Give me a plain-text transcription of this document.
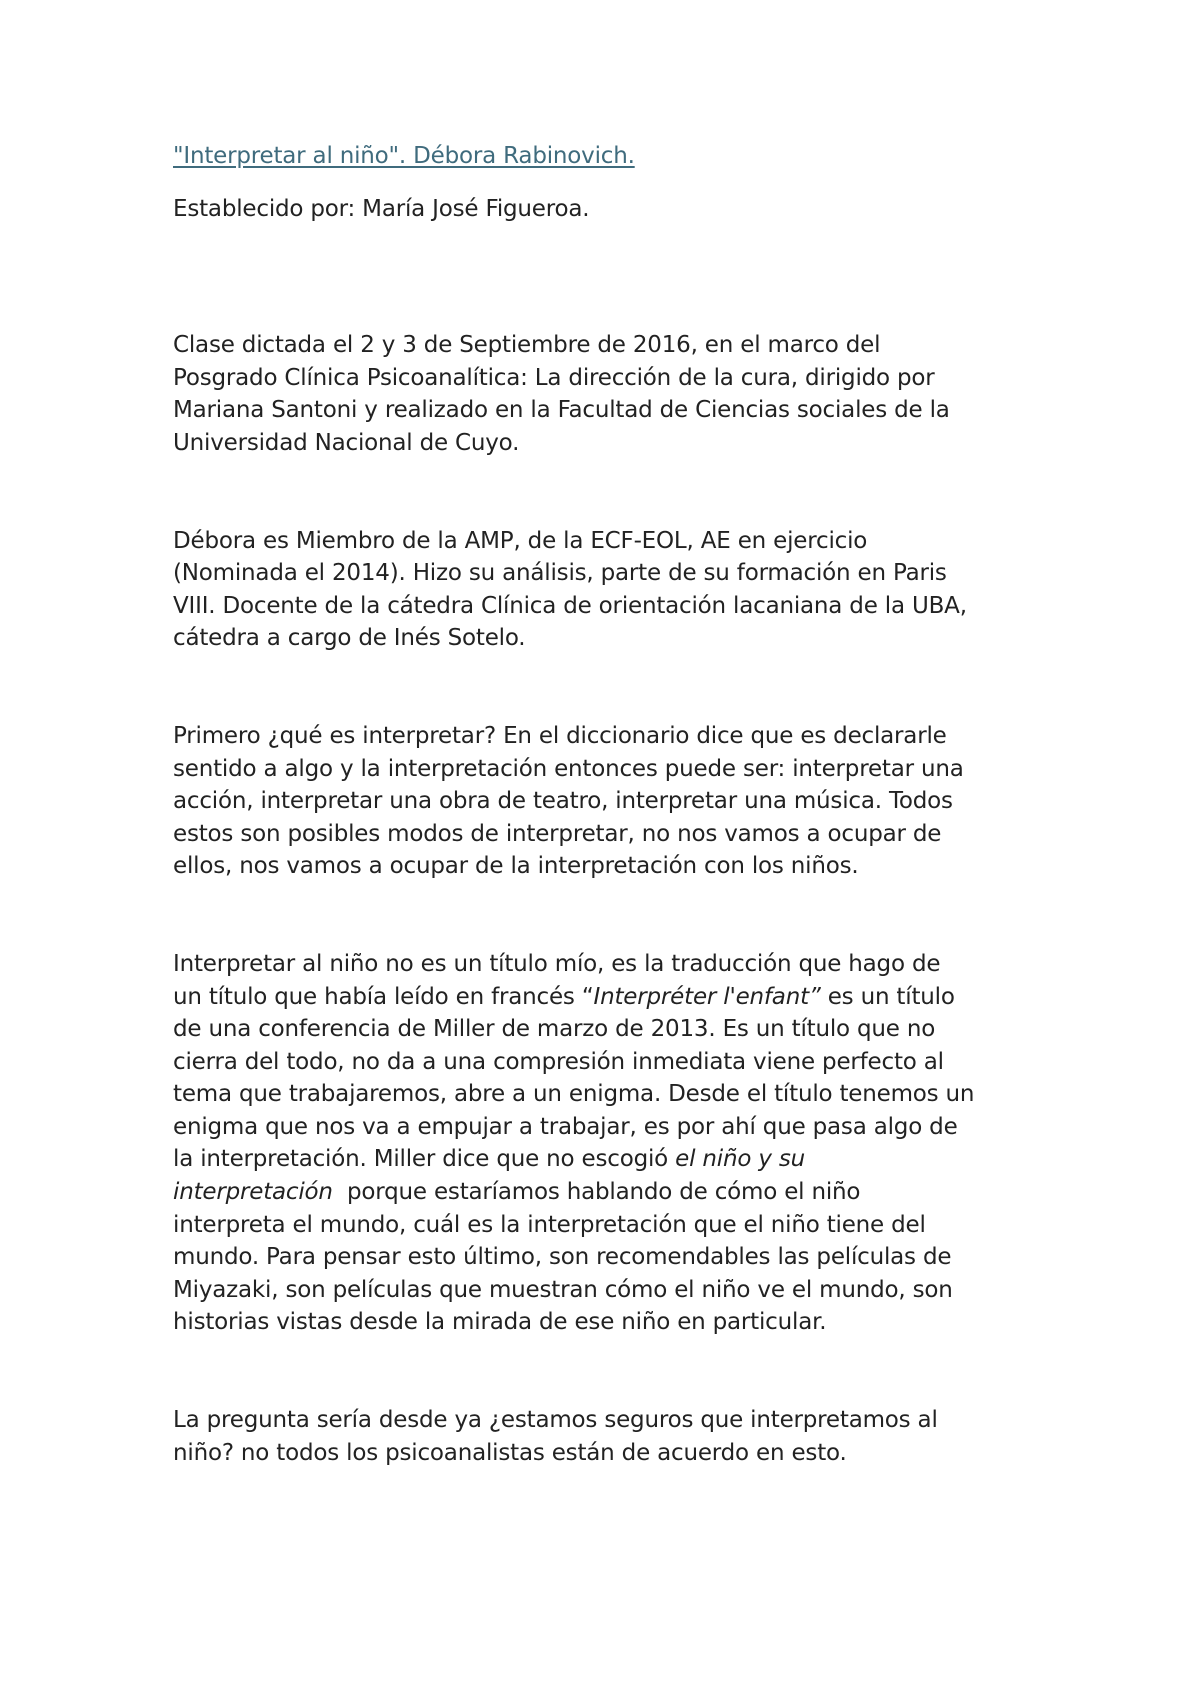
"Interpretar al niño". Débora Rabinovich.
Establecido por: María José Figueroa.
Clase dictada el 2 y 3 de Septiembre de 2016, en el marco del
Posgrado Clínica Psicoanalítica: La dirección de la cura, dirigido por
Mariana Santoni y realizado en la Facultad de Ciencias sociales de la
Universidad Nacional de Cuyo.
Débora es Miembro de la AMP, de la ECF-EOL, AE en ejercicio
(Nominada el 2014). Hizo su análisis, parte de su formación en Paris
VIII. Docente de la cátedra Clínica de orientación lacaniana de la UBA,
cátedra a cargo de Inés Sotelo.
Primero ¿qué es interpretar? En el diccionario dice que es declararle
sentido a algo y la interpretación entonces puede ser: interpretar una
acción, interpretar una obra de teatro, interpretar una música. Todos
estos son posibles modos de interpretar, no nos vamos a ocupar de
ellos, nos vamos a ocupar de la interpretación con los niños.
Interpretar al niño no es un título mío, es la traducción que hago de
un título que había leído en francés “Interpréter l'enfant” es un título
de una conferencia de Miller de marzo de 2013. Es un título que no
cierra del todo, no da a una compresión inmediata viene perfecto al
tema que trabajaremos, abre a un enigma. Desde el título tenemos un
enigma que nos va a empujar a trabajar, es por ahí que pasa algo de
la interpretación. Miller dice que no escogió el niño y su
interpretación  porque estaríamos hablando de cómo el niño
interpreta el mundo, cuál es la interpretación que el niño tiene del
mundo. Para pensar esto último, son recomendables las películas de
Miyazaki, son películas que muestran cómo el niño ve el mundo, son
historias vistas desde la mirada de ese niño en particular.
La pregunta sería desde ya ¿estamos seguros que interpretamos al
niño? no todos los psicoanalistas están de acuerdo en esto.
